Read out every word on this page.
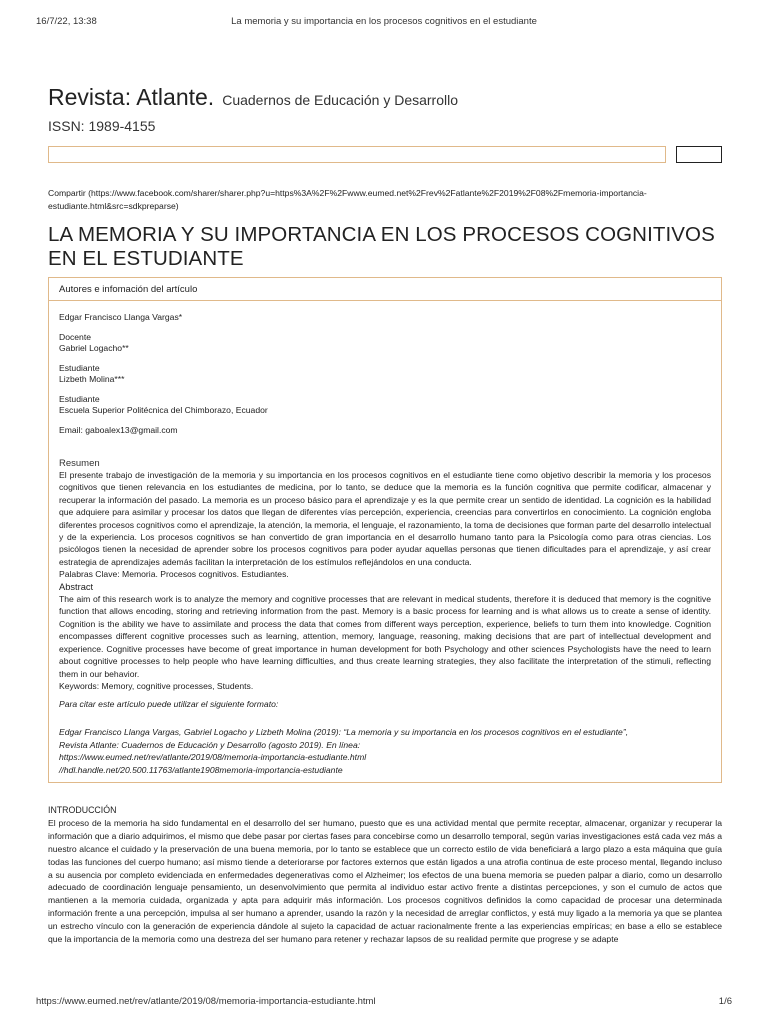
16/7/22, 13:38	La memoria y su importancia en los procesos cognitivos en el estudiante
Revista: Atlante. Cuadernos de Educación y Desarrollo
ISSN: 1989-4155
Compartir (https://www.facebook.com/sharer/sharer.php?u=https%3A%2F%2Fwww.eumed.net%2Frev%2Fatlante%2F2019%2F08%2Fmemoria-importancia-estudiante.html&src=sdkpreparse)
LA MEMORIA Y SU IMPORTANCIA EN LOS PROCESOS COGNITIVOS EN EL ESTUDIANTE
Autores e infomación del artículo

Edgar Francisco Llanga Vargas*

Docente
Gabriel Logacho**

Estudiante
Lizbeth Molina***

Estudiante
Escuela Superior Politécnica del Chimborazo, Ecuador

Email: gaboalex13@gmail.com

Resumen
El presente trabajo de investigación de la memoria y su importancia en los procesos cognitivos en el estudiante tiene como objetivo describir la memoria y los procesos cognitivos que tienen relevancia en los estudiantes de medicina, por lo tanto, se deduce que la memoria es la función cognitiva que permite codificar, almacenar y recuperar la información del pasado. La memoria es un proceso básico para el aprendizaje y es la que permite crear un sentido de identidad. La cognición es la habilidad que adquiere para asimilar y procesar los datos que llegan de diferentes vías percepción, experiencia, creencias para convertirlos en conocimiento. La cognición engloba diferentes procesos cognitivos como el aprendizaje, la atención, la memoria, el lenguaje, el razonamiento, la toma de decisiones que forman parte del desarrollo intelectual y de la experiencia. Los procesos cognitivos se han convertido de gran importancia en el desarrollo humano tanto para la Psicología como para otras ciencias. Los psicólogos tienen la necesidad de aprender sobre los procesos cognitivos para poder ayudar aquellas personas que tienen dificultades para el aprendizaje, y así crear estrategia de aprendizajes además facilitan la interpretación de los estímulos reflejándolos en una conducta.
Palabras Clave: Memoria. Procesos cognitivos. Estudiantes.
Abstract
The aim of this research work is to analyze the memory and cognitive processes that are relevant in medical students, therefore it is deduced that memory is the cognitive function that allows encoding, storing and retrieving information from the past. Memory is a basic process for learning and is what allows us to create a sense of identity. Cognition is the ability we have to assimilate and process the data that comes from different ways perception, experience, beliefs to turn them into knowledge. Cognition encompasses different cognitive processes such as learning, attention, memory, language, reasoning, making decisions that are part of intellectual development and experience. Cognitive processes have become of great importance in human development for both Psychology and other sciences Psychologists have the need to learn about cognitive processes to help people who have learning difficulties, and thus create learning strategies, they also facilitate the interpretation of the stimuli, reflecting them in our behavior.
Keywords: Memory, cognitive processes, Students.
Para citar este artículo puede utilizar el siguiente formato:
Edgar Francisco Llanga Vargas, Gabriel Logacho y Lizbeth Molina (2019): “La memoria y su importancia en los procesos cognitivos en el estudiante”,
Revista Atlante: Cuadernos de Educación y Desarrollo (agosto 2019). En línea:
https://www.eumed.net/rev/atlante/2019/08/memoria-importancia-estudiante.html
//hdl.handle.net/20.500.11763/atlante1908memoria-importancia-estudiante
INTRODUCCIÓN
El proceso de la memoria ha sido fundamental en el desarrollo del ser humano, puesto que es una actividad mental que permite receptar, almacenar, organizar y recuperar la información que a diario adquirimos, el mismo que debe pasar por ciertas fases para concebirse como un desarrollo temporal, según varias investigaciones está cada vez más a nuestro alcance el cuidado y la preservación de una buena memoria, por lo tanto se establece que un correcto estilo de vida beneficiará a largo plazo a esta máquina que guía todas las funciones del cuerpo humano; así mismo tiende a deteriorarse por factores externos que están ligados a una atrofia continua de este proceso mental, llegando incluso a su ausencia por completo evidenciada en enfermedades degenerativas como el Alzheimer; los efectos de una buena memoria se pueden palpar a diario, como un desarrollo adecuado de coordinación lenguaje pensamiento, un desenvolvimiento que permita al individuo estar activo frente a distintas percepciones, y son el cumulo de actos que mantienen a la memoria cuidada, organizada y apta para adquirir más información. Los procesos cognitivos definidos la como capacidad de procesar una determinada información frente a una percepción, impulsa al ser humano a aprender, usando la razón y la necesidad de arreglar conflictos, y está muy ligado a la memoria ya que se plantea un estrecho vínculo con la generación de experiencia dándole al sujeto la capacidad de actuar racionalmente frente a las experiencias empíricas; en base a ello se establece que la importancia de la memoria como una destreza del ser humano para retener y rechazar lapsos de su realidad permite que progrese y se adapte
https://www.eumed.net/rev/atlante/2019/08/memoria-importancia-estudiante.html	1/6
